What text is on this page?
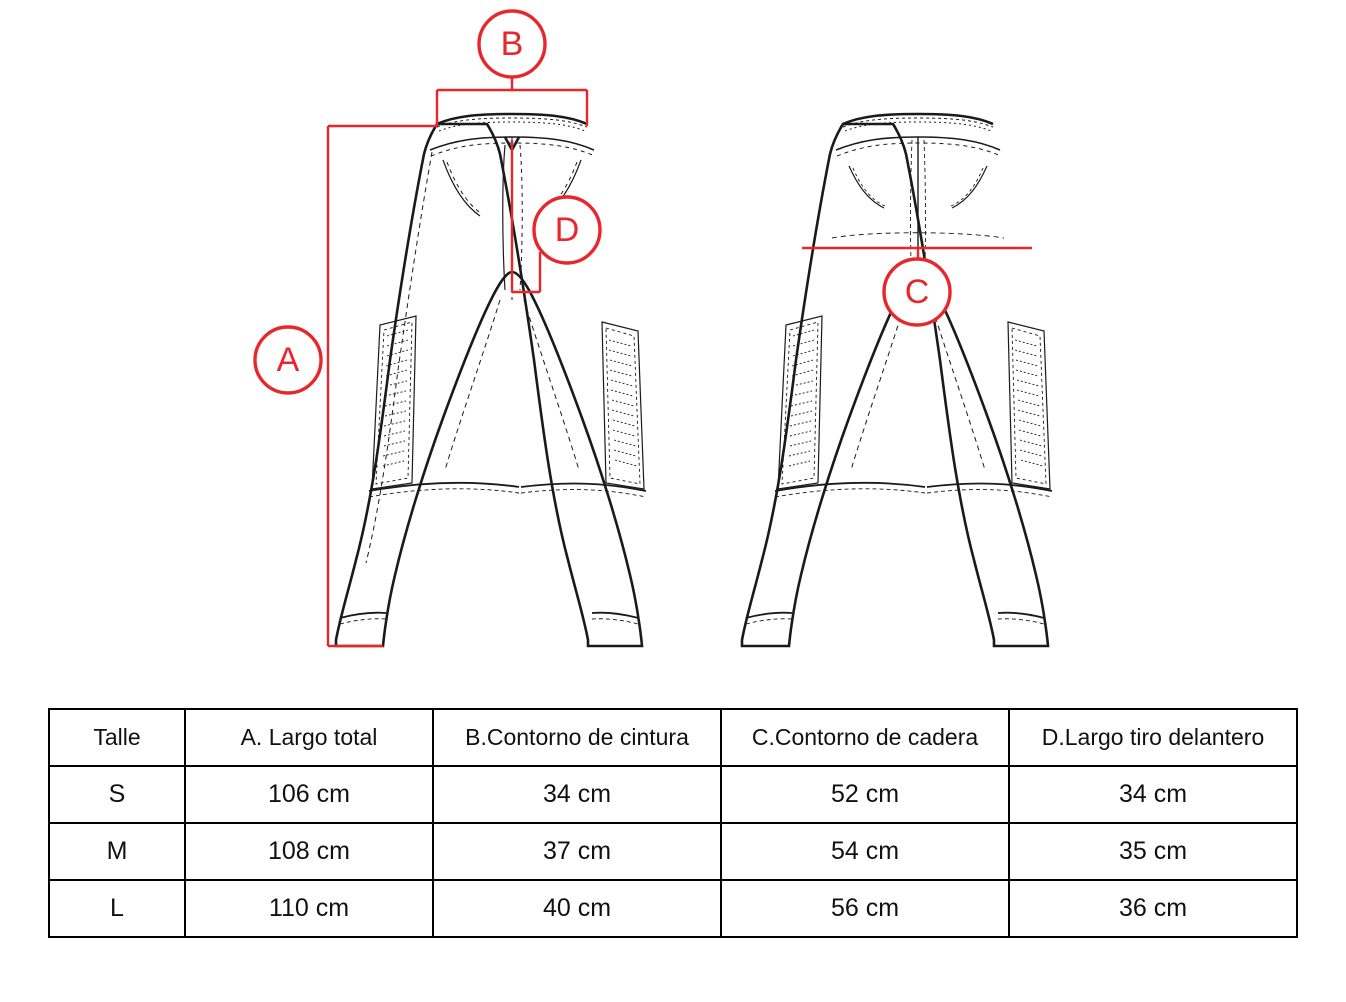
B
A
D
C
Talle	A. Largo total	B.Contorno de cintura	C.Contorno de cadera	D.Largo tiro delantero
S	106 cm	34 cm	52 cm	34 cm
M	108 cm	37 cm	54 cm	35 cm
L	110 cm	40 cm	56 cm	36 cm
